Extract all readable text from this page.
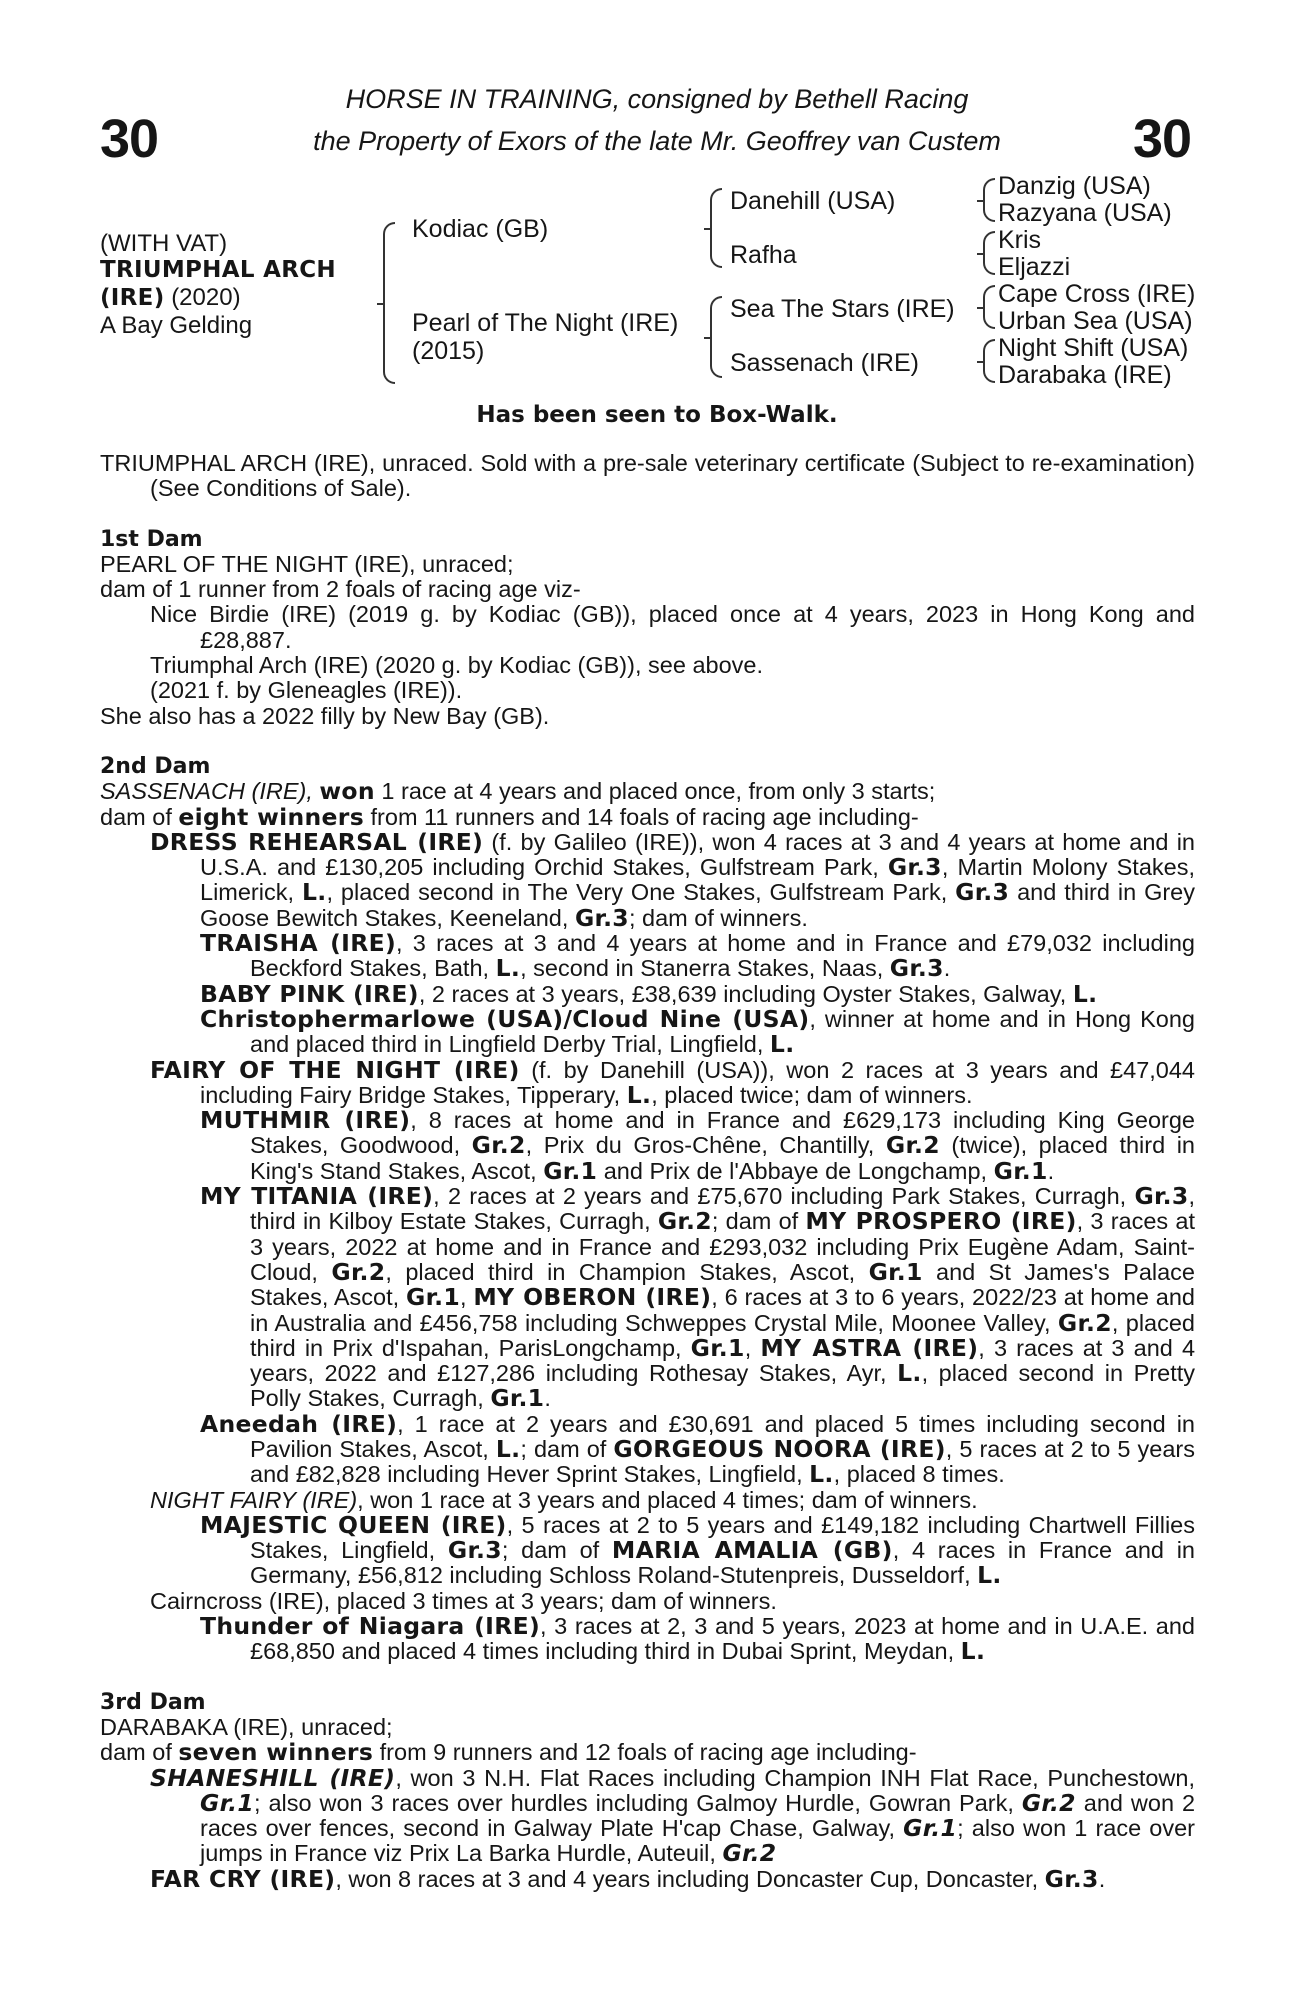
30	30
HORSE IN TRAINING, consigned by Bethell Racing
the Property of Exors of the late Mr. Geoffrey van Custem
(WITH VAT)
TRIUMPHAL ARCH
(IRE) (2020)
A Bay Gelding
Kodiac (GB)
Pearl of The Night (IRE)
(2015)
Danehill (USA)
Rafha
Sea The Stars (IRE)
Sassenach (IRE)
Danzig (USA)
Razyana (USA)
Kris
Eljazzi
Cape Cross (IRE)
Urban Sea (USA)
Night Shift (USA)
Darabaka (IRE)
Has been seen to Box-Walk.

TRIUMPHAL ARCH (IRE), unraced. Sold with a pre-sale veterinary certificate (Subject to re-examination) (See Conditions of Sale).

1st Dam

PEARL OF THE NIGHT (IRE), unraced;

dam of 1 runner from 2 foals of racing age viz-

Nice Birdie (IRE) (2019 g. by Kodiac (GB)), placed once at 4 years, 2023 in Hong Kong and £28,887.

Triumphal Arch (IRE) (2020 g. by Kodiac (GB)), see above.

(2021 f. by Gleneagles (IRE)).

She also has a 2022 filly by New Bay (GB).

2nd Dam

SASSENACH (IRE), won 1 race at 4 years and placed once, from only 3 starts;

dam of eight winners from 11 runners and 14 foals of racing age including-

DRESS REHEARSAL (IRE) (f. by Galileo (IRE)), won 4 races at 3 and 4 years at home and in U.S.A. and £130,205 including Orchid Stakes, Gulfstream Park, Gr.3, Martin Molony Stakes, Limerick, L., placed second in The Very One Stakes, Gulfstream Park, Gr.3 and third in Grey Goose Bewitch Stakes, Keeneland, Gr.3; dam of winners.

TRAISHA (IRE), 3 races at 3 and 4 years at home and in France and £79,032 including Beckford Stakes, Bath, L., second in Stanerra Stakes, Naas, Gr.3.

BABY PINK (IRE), 2 races at 3 years, £38,639 including Oyster Stakes, Galway, L.

Christophermarlowe (USA)/Cloud Nine (USA), winner at home and in Hong Kong and placed third in Lingfield Derby Trial, Lingfield, L.

FAIRY OF THE NIGHT (IRE) (f. by Danehill (USA)), won 2 races at 3 years and £47,044 including Fairy Bridge Stakes, Tipperary, L., placed twice; dam of winners.

MUTHMIR (IRE), 8 races at home and in France and £629,173 including King George Stakes, Goodwood, Gr.2, Prix du Gros-Chêne, Chantilly, Gr.2 (twice), placed third in King's Stand Stakes, Ascot, Gr.1 and Prix de l'Abbaye de Longchamp, Gr.1.

MY TITANIA (IRE), 2 races at 2 years and £75,670 including Park Stakes, Curragh, Gr.3, third in Kilboy Estate Stakes, Curragh, Gr.2; dam of MY PROSPERO (IRE), 3 races at 3 years, 2022 at home and in France and £293,032 including Prix Eugène Adam, Saint-Cloud, Gr.2, placed third in Champion Stakes, Ascot, Gr.1 and St James's Palace Stakes, Ascot, Gr.1, MY OBERON (IRE), 6 races at 3 to 6 years, 2022/23 at home and in Australia and £456,758 including Schweppes Crystal Mile, Moonee Valley, Gr.2, placed third in Prix d'Ispahan, ParisLongchamp, Gr.1, MY ASTRA (IRE), 3 races at 3 and 4 years, 2022 and £127,286 including Rothesay Stakes, Ayr, L., placed second in Pretty Polly Stakes, Curragh, Gr.1.

Aneedah (IRE), 1 race at 2 years and £30,691 and placed 5 times including second in Pavilion Stakes, Ascot, L.; dam of GORGEOUS NOORA (IRE), 5 races at 2 to 5 years and £82,828 including Hever Sprint Stakes, Lingfield, L., placed 8 times.

NIGHT FAIRY (IRE), won 1 race at 3 years and placed 4 times; dam of winners.

MAJESTIC QUEEN (IRE), 5 races at 2 to 5 years and £149,182 including Chartwell Fillies Stakes, Lingfield, Gr.3; dam of MARIA AMALIA (GB), 4 races in France and in Germany, £56,812 including Schloss Roland-Stutenpreis, Dusseldorf, L.

Cairncross (IRE), placed 3 times at 3 years; dam of winners.

Thunder of Niagara (IRE), 3 races at 2, 3 and 5 years, 2023 at home and in U.A.E. and £68,850 and placed 4 times including third in Dubai Sprint, Meydan, L.

3rd Dam

DARABAKA (IRE), unraced;

dam of seven winners from 9 runners and 12 foals of racing age including-

SHANESHILL (IRE), won 3 N.H. Flat Races including Champion INH Flat Race, Punchestown, Gr.1; also won 3 races over hurdles including Galmoy Hurdle, Gowran Park, Gr.2 and won 2 races over fences, second in Galway Plate H'cap Chase, Galway, Gr.1; also won 1 race over jumps in France viz Prix La Barka Hurdle, Auteuil, Gr.2

FAR CRY (IRE), won 8 races at 3 and 4 years including Doncaster Cup, Doncaster, Gr.3.
